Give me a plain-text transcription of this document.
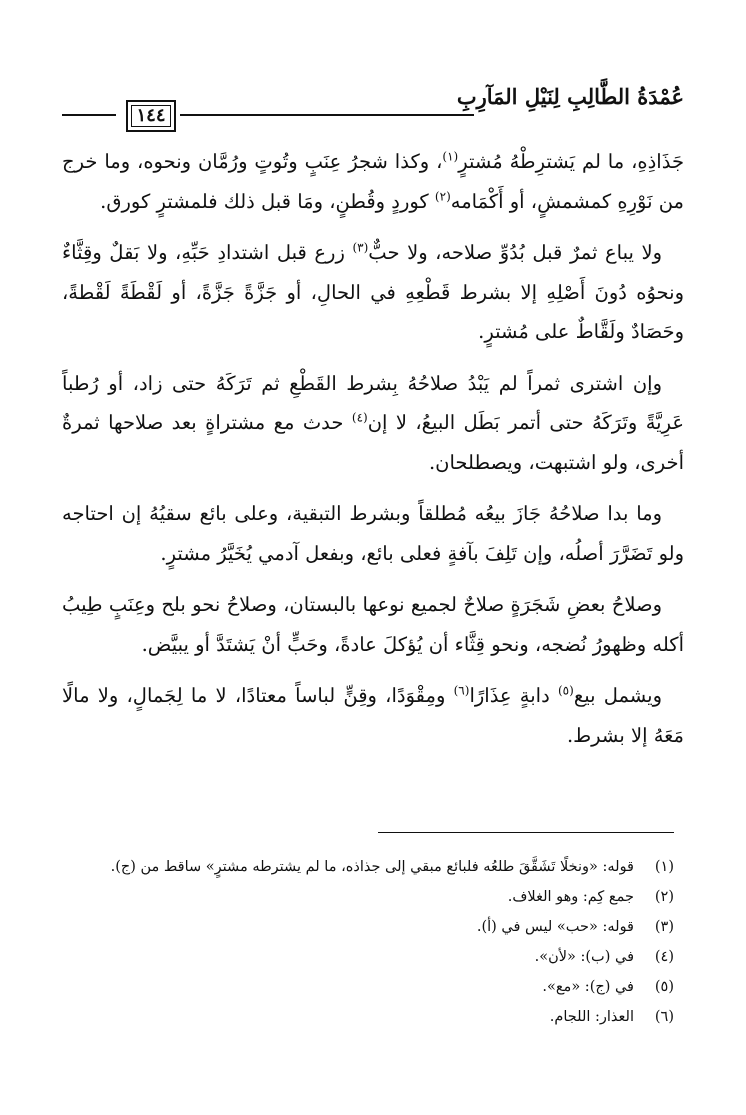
عُمْدَةُ الطَّالِبِ لِنَيْلِ المَآرِبِ
١٤٤

جَذَاذِهِ، ما لم يَشترِطْهُ مُشترٍ$^{(١)}$، وكذا شجرُ عِنَبٍ وتُوتٍ ورُمَّان ونحوه، وما خرج من نَوْرِهِ كمشمشٍ، أو أَكْمَامه$^{(٢)}$ كوردٍ وقُطنٍ، ومَا قبل ذلك فلمشترٍ كورق.

ولا يباع ثمرٌ قبل بُدُوِّ صلاحه، ولا حبٌّ$^{(٣)}$ زرع قبل اشتدادِ حَبِّهِ، ولا بَقلٌ وقِثَّاءٌ ونحوُه دُونَ أَصْلِهِ إلا بشرط قَطْعِهِ في الحالِ، أو جَزَّةً جَزَّةً، أو لَقْطَةً لَقْطةً، وحَصَادٌ ولَقَّاطٌ على مُشترٍ.

وإن اشترى ثمراً لم يَبْدُ صلاحُهُ بِشرط القَطْعِ ثم تَرَكَهُ حتى زاد، أو رُطباً عَرِيَّةً وتَرَكَهُ حتى أتمر بَطَل البيعُ، لا إن$^{(٤)}$ حدث مع مشتراةٍ بعد صلاحها ثمرةٌ أخرى، ولو اشتبهت، ويصطلحان.

وما بدا صلاحُهُ جَازَ بيعُه مُطلقاً وبشرط التبقية، وعلى بائع سقيُهُ إن احتاجه ولو تَضَرَّرَ أصلُه، وإن تَلِفَ بآفةٍ فعلى بائع، وبفعل آدمي يُخَيَّرُ مشترٍ.

وصلاحُ بعضِ شَجَرَةٍ صلاحٌ لجميع نوعها بالبستان، وصلاحُ نحو بلح وعِنَبٍ طِيبُ أكله وظهورُ نُضجه، ونحو قِثَّاء أن يُؤكلَ عادةً، وحَبٍّ أنْ يَشتَدَّ أو يبيَّض.

ويشمل بيع$^{(٥)}$ دابةٍ عِذَارًا$^{(٦)}$ ومِقْوَدًا، وقِنٍّ لباساً معتادًا، لا ما لِجَمالٍ، ولا مالًا مَعَهُ إلا بشرط.

(١)قوله: «ونخلًا تَشَقَّقَ طلعُه فلبائع مبقي إلى جذاذه، ما لم يشترطه مشترٍ» ساقط من (ج).
(٢)جمع كِم: وهو الغلاف.
(٣)قوله: «حب» ليس في (أ).
(٤)في (ب): «لأن».
(٥)في (ج): «مع».
(٦)العذار: اللجام.
